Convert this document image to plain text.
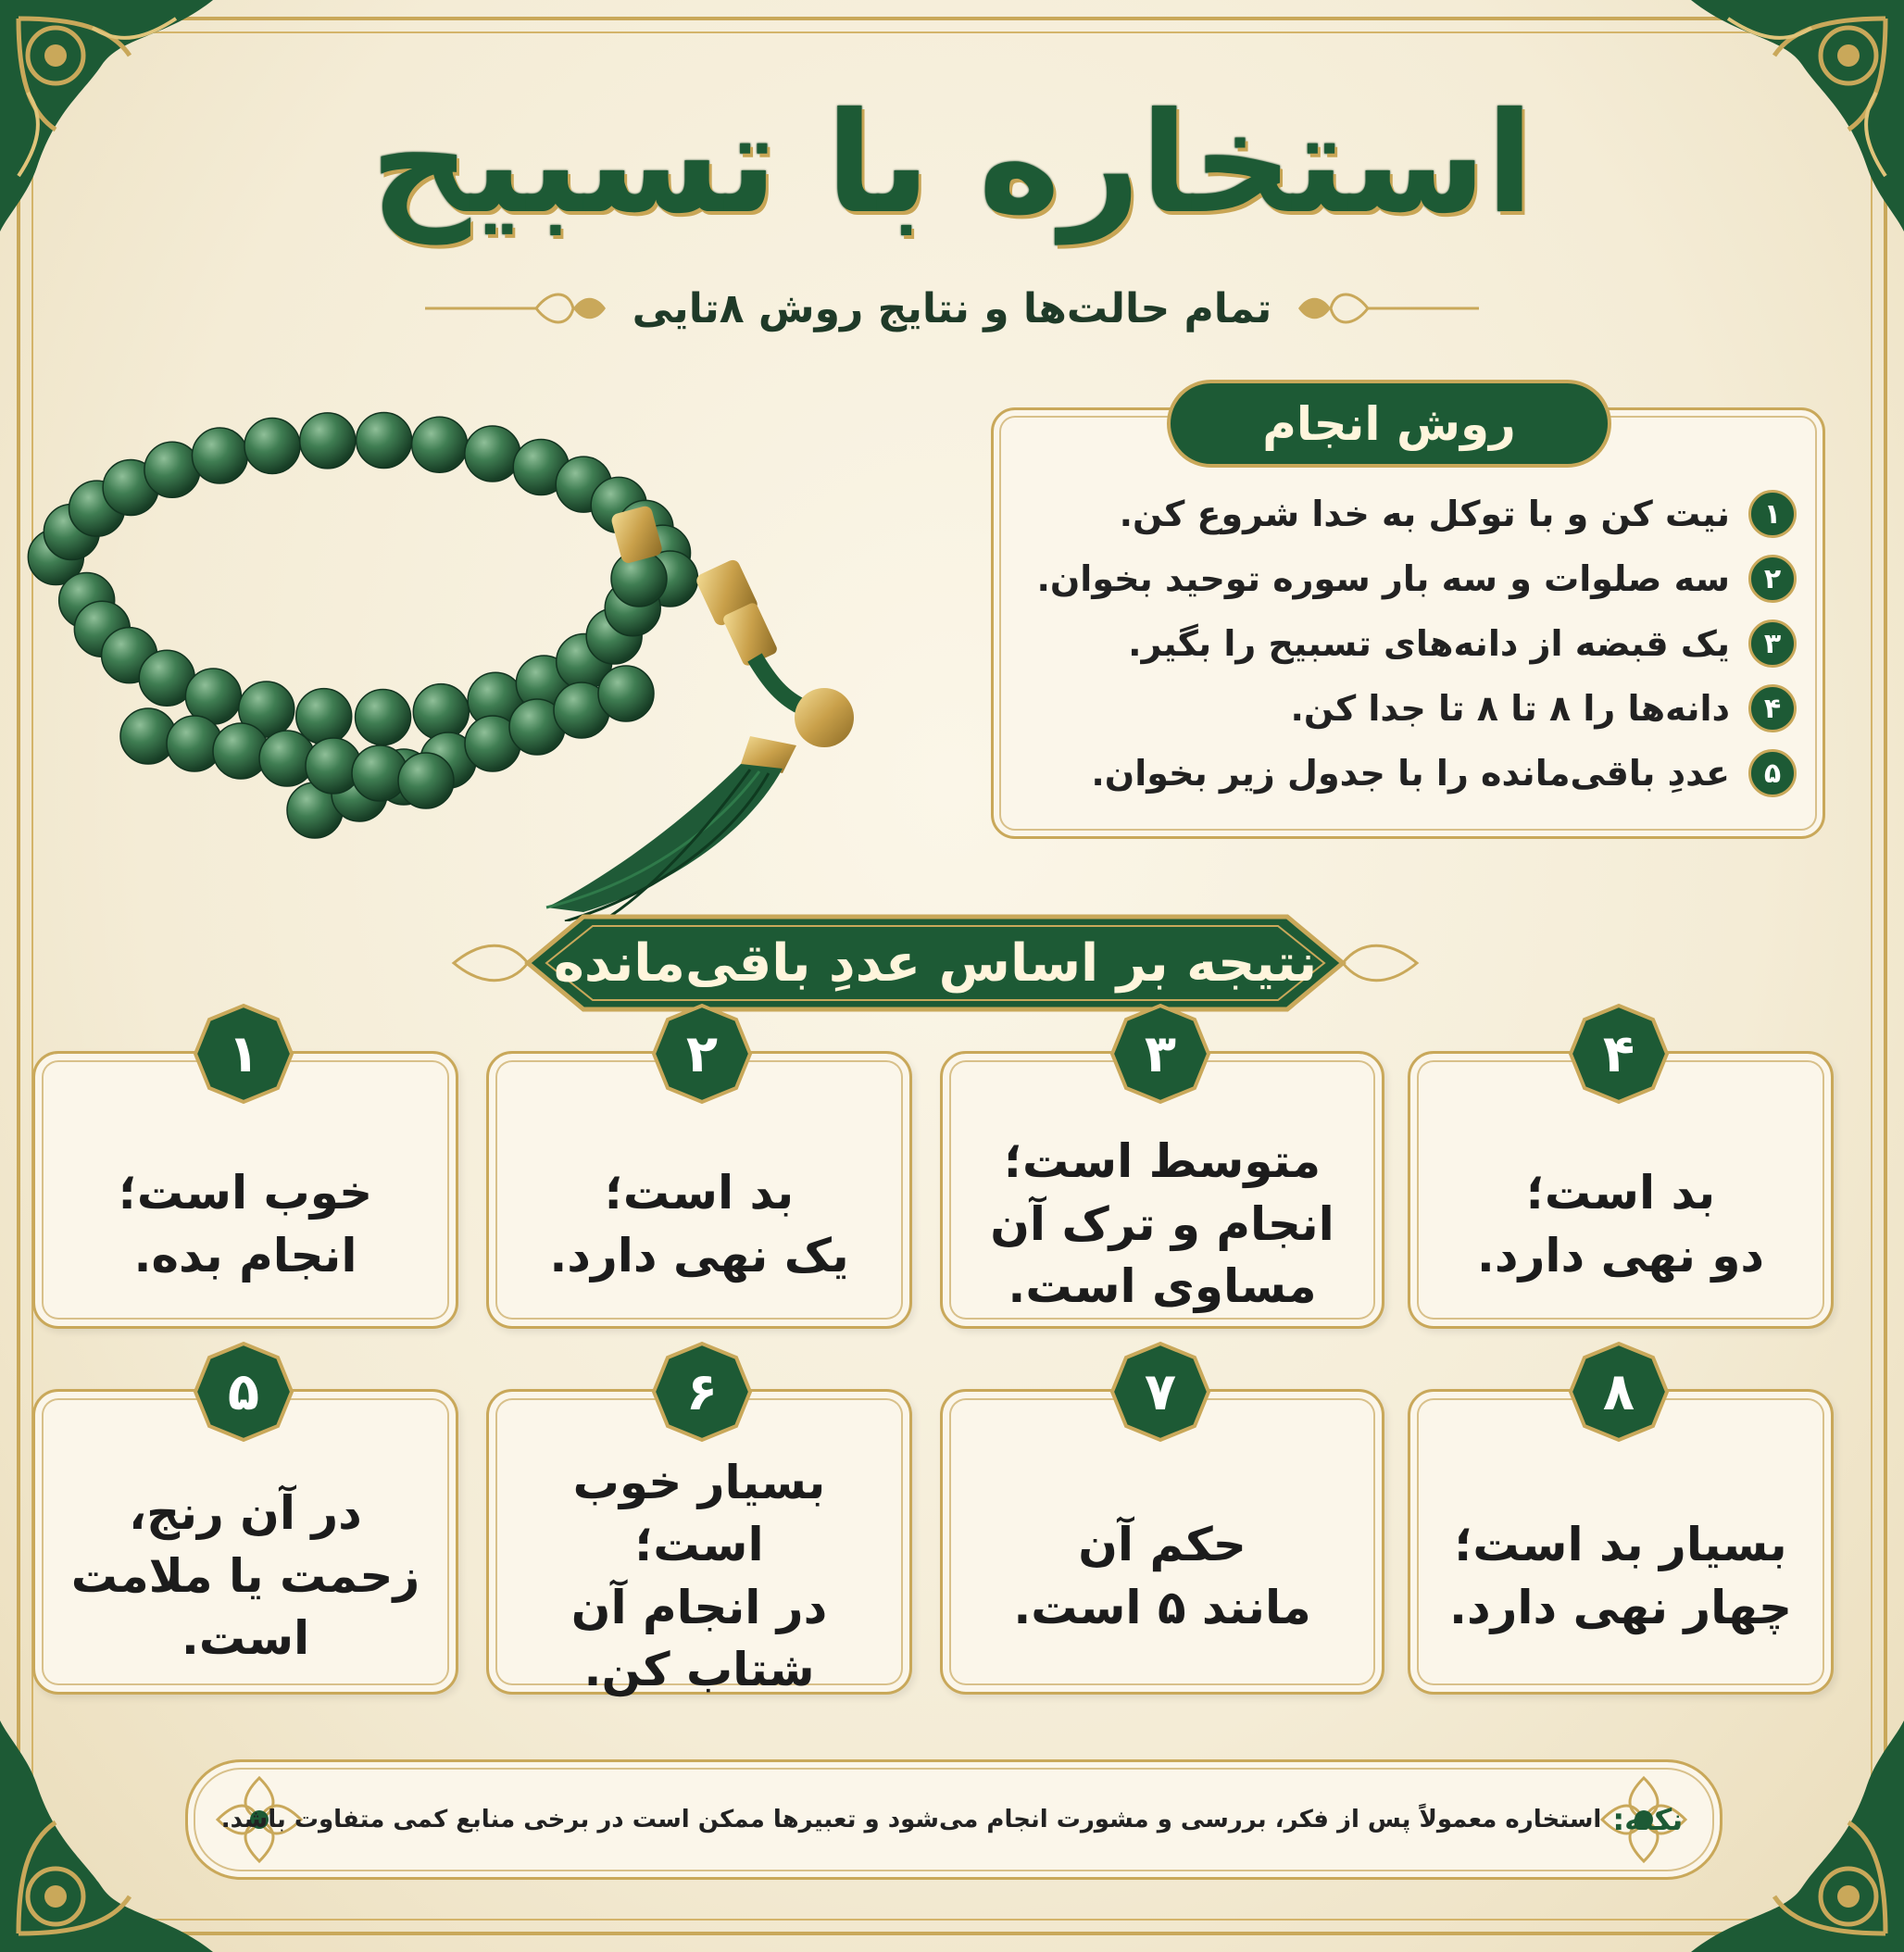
استخاره با تسبیح
تمام حالت‌ها و نتایج روش ۸تایی
روش انجام
۱
نیت کن و با توکل به خدا شروع کن.
۲
سه صلوات و سه بار سوره توحید بخوان.
۳
یک قبضه از دانه‌های تسبیح را بگیر.
۴
دانه‌ها را ۸ تا ۸ تا جدا کن.
۵
عددِ باقی‌مانده را با جدول زیر بخوان.
نتیجه بر اساس عددِ باقی‌مانده
۴
بد است؛
دو نهی دارد.
۳
متوسط است؛
انجام و ترک آن
مساوی است.
۲
بد است؛
یک نهی دارد.
۱
خوب است؛
انجام بده.
۸
بسیار بد است؛
چهار نهی دارد.
۷
حکم آن
مانند ۵ است.
۶
بسیار خوب است؛
در انجام آن
شتاب کن.
۵
در آن رنج،
زحمت یا ملامت
است.
نکته:
استخاره معمولاً پس از فکر، بررسی و مشورت انجام می‌شود و تعبیرها ممکن است در برخی منابع کمی متفاوت باشد.
